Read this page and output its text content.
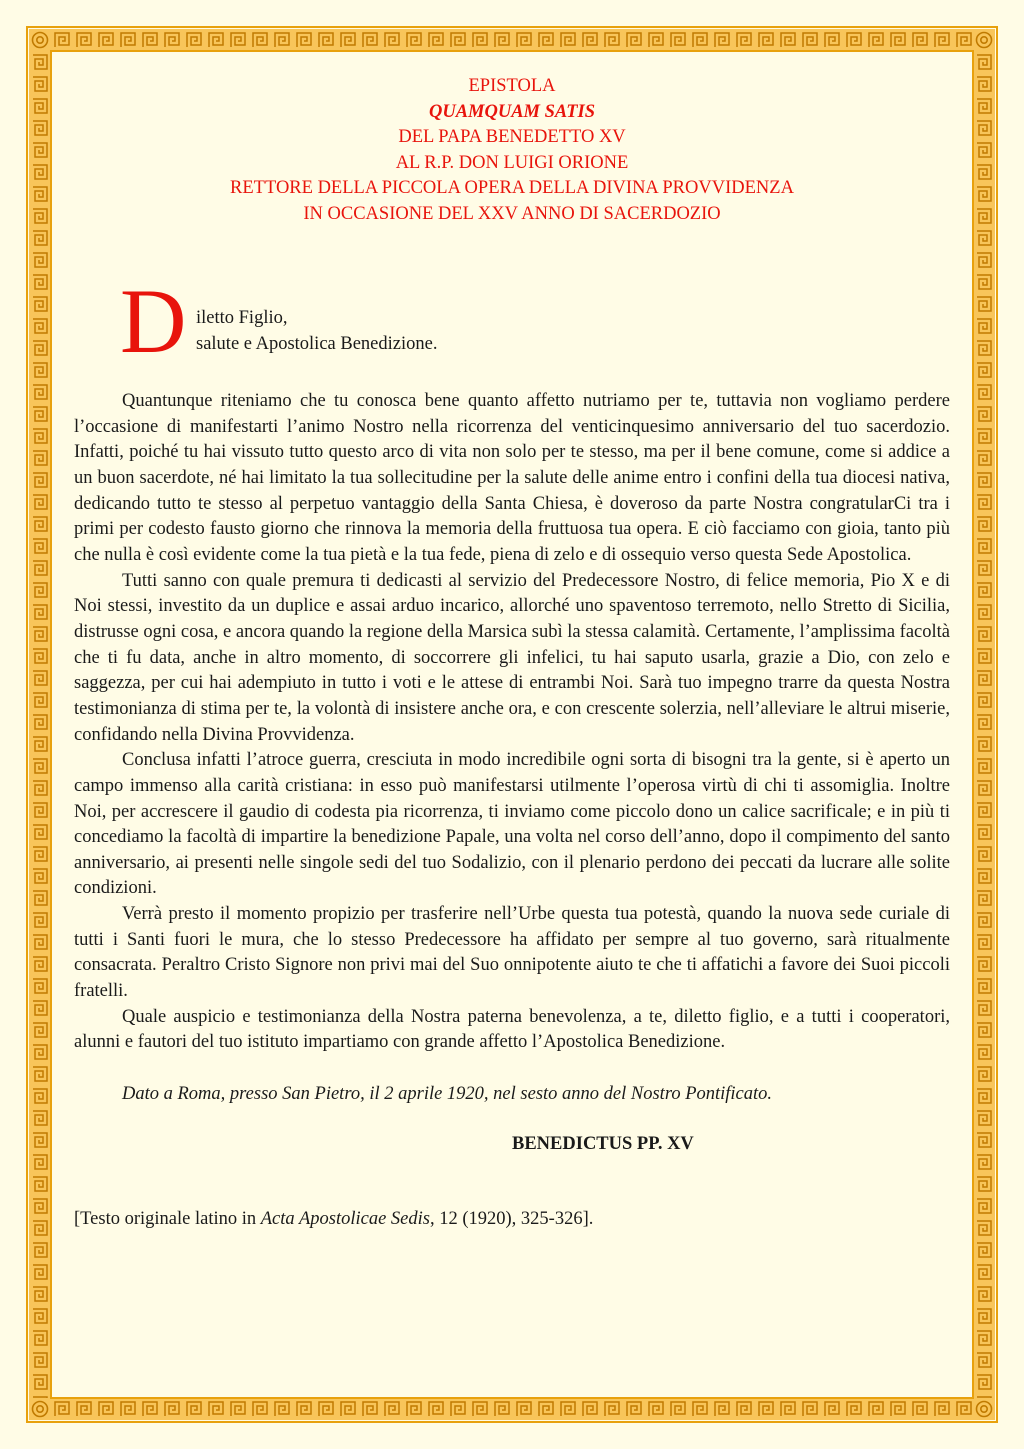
EPISTOLA
QUAMQUAM SATIS
DEL PAPA BENEDETTO XV
AL R.P. DON LUIGI ORIONE
RETTORE DELLA PICCOLA OPERA DELLA DIVINA PROVVIDENZA
IN OCCASIONE DEL XXV ANNO DI SACERDOZIO
D iletto Figlio,
salute e Apostolica Benedizione.

Quantunque riteniamo che tu conosca bene quanto affetto nutriamo per te, tuttavia non vogliamo perdere l’occasione di manifestarti l’animo Nostro nella ricorrenza del venticinquesimo anniversario del tuo sacerdozio. Infatti, poiché tu hai vissuto tutto questo arco di vita non solo per te stesso, ma per il bene comune, come si addice a un buon sacerdote, né hai limitato la tua sollecitudine per la salute delle anime entro i confini della tua diocesi nativa, dedicando tutto te stesso al perpetuo vantaggio della Santa Chiesa, è doveroso da parte Nostra congratularCi tra i primi per codesto fausto giorno che rinnova la memoria della fruttuosa tua opera. E ciò facciamo con gioia, tanto più che nulla è così evidente come la tua pietà e la tua fede, piena di zelo e di ossequio verso questa Sede Apostolica.

Tutti sanno con quale premura ti dedicasti al servizio del Predecessore Nostro, di felice memoria, Pio X e di Noi stessi, investito da un duplice e assai arduo incarico, allorché uno spaventoso terremoto, nello Stretto di Sicilia, distrusse ogni cosa, e ancora quando la regione della Marsica subì la stessa calamità. Certamente, l’amplissima facoltà che ti fu data, anche in altro momento, di soccorrere gli infelici, tu hai saputo usarla, grazie a Dio, con zelo e saggezza, per cui hai adempiuto in tutto i voti e le attese di entrambi Noi. Sarà tuo impegno trarre da questa Nostra testimonianza di stima per te, la volontà di insistere anche ora, e con crescente solerzia, nell’alleviare le altrui miserie, confidando nella Divina Provvidenza.

Conclusa infatti l’atroce guerra, cresciuta in modo incredibile ogni sorta di bisogni tra la gente, si è aperto un campo immenso alla carità cristiana: in esso può manifestarsi utilmente l’operosa virtù di chi ti assomiglia. Inoltre Noi, per accrescere il gaudio di codesta pia ricorrenza, ti inviamo come piccolo dono un calice sacrificale; e in più ti concediamo la facoltà di impartire la benedizione Papale, una volta nel corso dell’anno, dopo il compimento del santo anniversario, ai presenti nelle singole sedi del tuo Sodalizio, con il plenario perdono dei peccati da lucrare alle solite condizioni.

Verrà presto il momento propizio per trasferire nell’Urbe questa tua potestà, quando la nuova sede curiale di tutti i Santi fuori le mura, che lo stesso Predecessore ha affidato per sempre al tuo governo, sarà ritualmente consacrata. Peraltro Cristo Signore non privi mai del Suo onnipotente aiuto te che ti affatichi a favore dei Suoi piccoli fratelli.

Quale auspicio e testimonianza della Nostra paterna benevolenza, a te, diletto figlio, e a tutti i cooperatori, alunni e fautori del tuo istituto impartiamo con grande affetto l’Apostolica Benedizione.

Dato a Roma, presso San Pietro, il 2 aprile 1920, nel sesto anno del Nostro Pontificato.
BENEDICTUS PP. XV
[Testo originale latino in Acta Apostolicae Sedis, 12 (1920), 325-326].
